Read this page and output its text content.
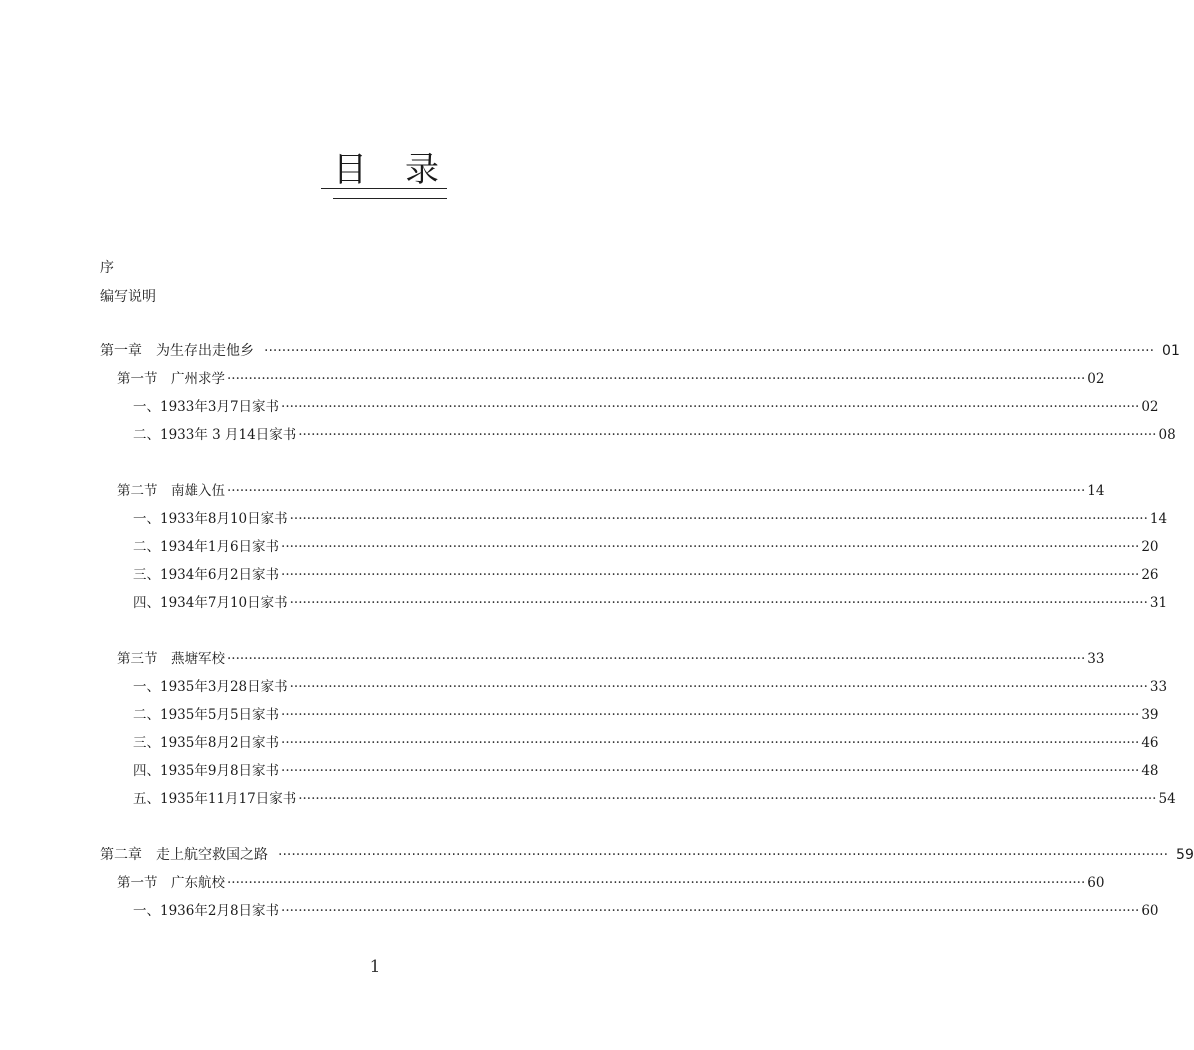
目录
序
编写说明
第一章　为生存出走他乡 ········································································································································································································ 01
第一节　广州求学 ········································································································································································································ 02
一、1933年3月7日家书 ········································································································································································································ 02
二、1933年 3 月14日家书 ········································································································································································································ 08
第二节　南雄入伍 ········································································································································································································ 14
一、1933年8月10日家书 ········································································································································································································ 14
二、1934年1月6日家书 ········································································································································································································ 20
三、1934年6月2日家书 ········································································································································································································ 26
四、1934年7月10日家书 ········································································································································································································ 31
第三节　燕塘军校 ········································································································································································································ 33
一、1935年3月28日家书 ········································································································································································································ 33
二、1935年5月5日家书 ········································································································································································································ 39
三、1935年8月2日家书 ········································································································································································································ 46
四、1935年9月8日家书 ········································································································································································································ 48
五、1935年11月17日家书 ········································································································································································································ 54
第二章　走上航空救国之路 ········································································································································································································ 59
第一节　广东航校 ········································································································································································································ 60
一、1936年2月8日家书 ········································································································································································································ 60
1
